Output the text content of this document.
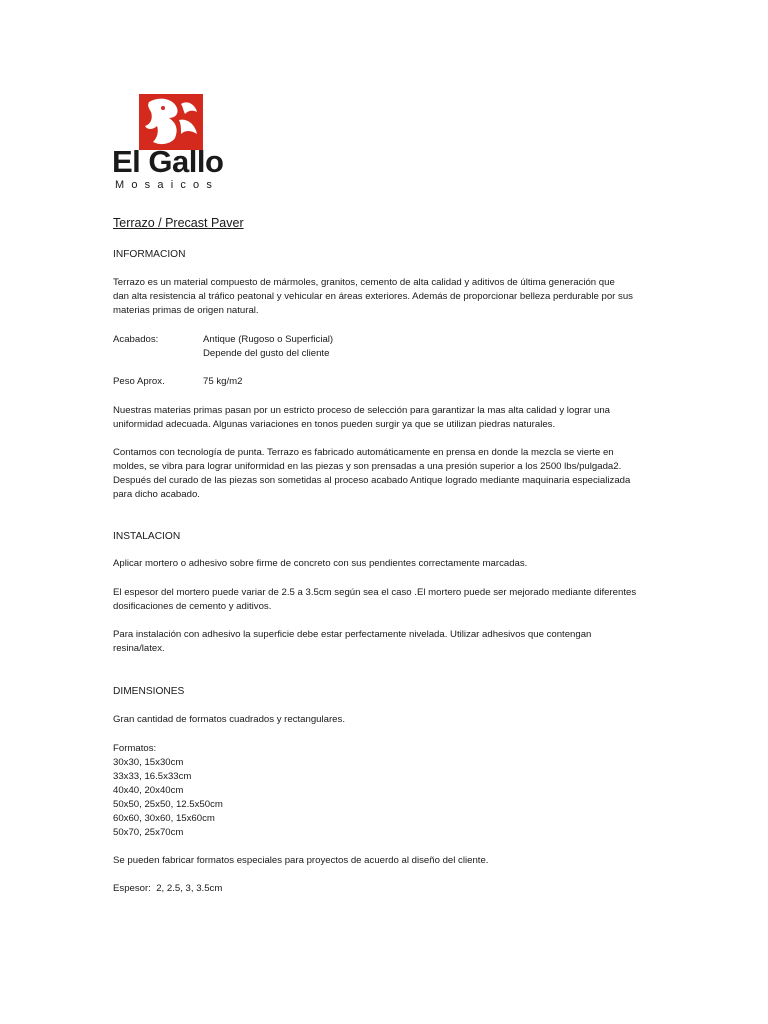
El Gallo
Mosaicos
Terrazo / Precast Paver
INFORMACION
Terrazo es un material compuesto de mármoles, granitos, cemento de alta calidad y aditivos de última generación que
dan alta resistencia al tráfico peatonal y vehicular en áreas exteriores. Además de proporcionar belleza perdurable por sus
materias primas de origen natural.
Acabados:	Antique (Rugoso o Superficial)
Depende del gusto del cliente
Peso Aprox.	75 kg/m2
Nuestras materias primas pasan por un estricto proceso de selección para garantizar la mas alta calidad y lograr una
uniformidad adecuada. Algunas variaciones en tonos pueden surgir ya que se utilizan piedras naturales.
Contamos con tecnología de punta. Terrazo es fabricado automáticamente en prensa en donde la mezcla se vierte en
moldes, se vibra para lograr uniformidad en las piezas y son prensadas a una presión superior a los 2500 lbs/pulgada2.
Después del curado de las piezas son sometidas al proceso acabado Antique logrado mediante maquinaria especializada
para dicho acabado.
INSTALACION
Aplicar mortero o adhesivo sobre firme de concreto con sus pendientes correctamente marcadas.
El espesor del mortero puede variar de 2.5 a 3.5cm según sea el caso .El mortero puede ser mejorado mediante diferentes
dosificaciones de cemento y aditivos.
Para instalación con adhesivo la superficie debe estar perfectamente nivelada. Utilizar adhesivos que contengan
resina/latex.
DIMENSIONES
Gran cantidad de formatos cuadrados y rectangulares.
Formatos:
30x30, 15x30cm
33x33, 16.5x33cm
40x40, 20x40cm
50x50, 25x50, 12.5x50cm
60x60, 30x60, 15x60cm
50x70, 25x70cm
Se pueden fabricar formatos especiales para proyectos de acuerdo al diseño del cliente.
Espesor:  2, 2.5, 3, 3.5cm
